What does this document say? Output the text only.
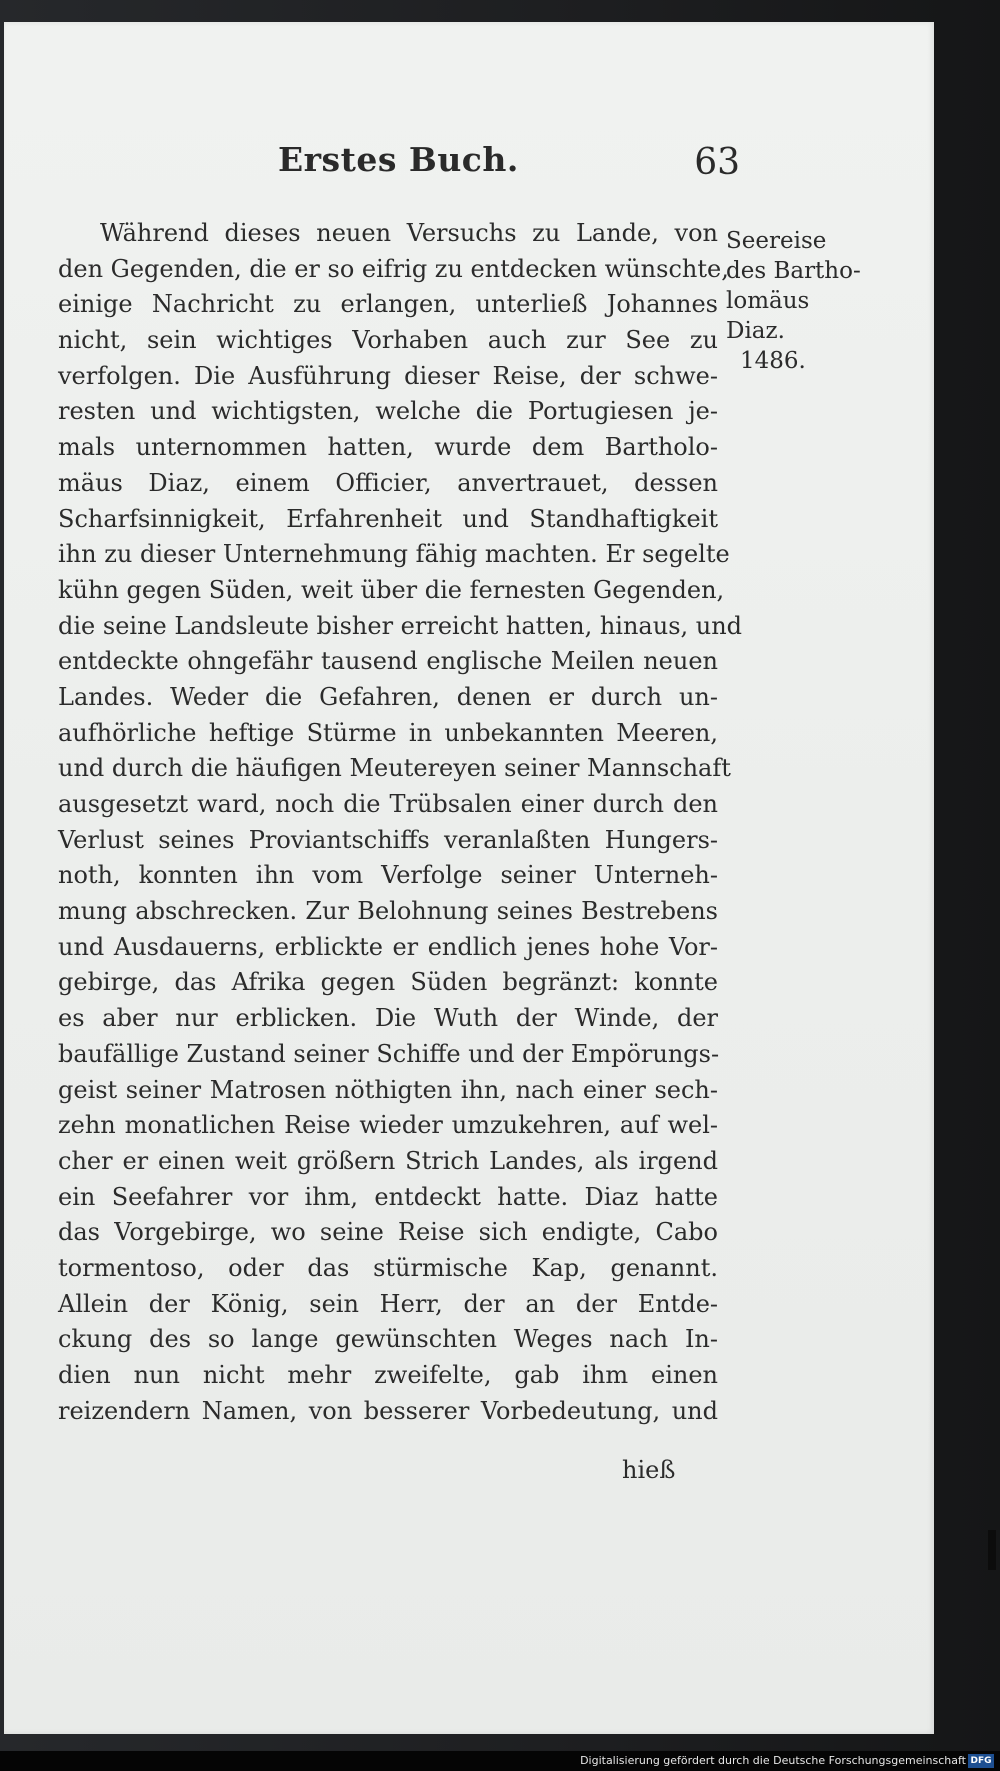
Erstes Buch.	63
Seereise
des Bartho-
lomäus
Diaz.
1486.
Während dieses neuen Versuchs zu Lande, von
den Gegenden, die er so eifrig zu entdecken wünschte,
einige Nachricht zu erlangen, unterließ Johannes
nicht, sein wichtiges Vorhaben auch zur See zu
verfolgen. Die Ausführung dieser Reise, der schwe-
resten und wichtigsten, welche die Portugiesen je-
mals unternommen hatten, wurde dem Bartholo-
mäus Diaz, einem Officier, anvertrauet, dessen
Scharfsinnigkeit, Erfahrenheit und Standhaftigkeit
ihn zu dieser Unternehmung fähig machten. Er segelte
kühn gegen Süden, weit über die fernesten Gegenden,
die seine Landsleute bisher erreicht hatten, hinaus, und
entdeckte ohngefähr tausend englische Meilen neuen
Landes. Weder die Gefahren, denen er durch un-
aufhörliche heftige Stürme in unbekannten Meeren,
und durch die häufigen Meutereyen seiner Mannschaft
ausgesetzt ward, noch die Trübsalen einer durch den
Verlust seines Proviantschiffs veranlaßten Hungers-
noth, konnten ihn vom Verfolge seiner Unterneh-
mung abschrecken. Zur Belohnung seines Bestrebens
und Ausdauerns, erblickte er endlich jenes hohe Vor-
gebirge, das Afrika gegen Süden begränzt: konnte
es aber nur erblicken. Die Wuth der Winde, der
baufällige Zustand seiner Schiffe und der Empörungs-
geist seiner Matrosen nöthigten ihn, nach einer sech-
zehn monatlichen Reise wieder umzukehren, auf wel-
cher er einen weit größern Strich Landes, als irgend
ein Seefahrer vor ihm, entdeckt hatte. Diaz hatte
das Vorgebirge, wo seine Reise sich endigte, Cabo
tormentoso, oder das stürmische Kap, genannt.
Allein der König, sein Herr, der an der Entde-
ckung des so lange gewünschten Weges nach In-
dien nun nicht mehr zweifelte, gab ihm einen
reizendern Namen, von besserer Vorbedeutung, und
hieß
Digitalisierung gefördert durch die Deutsche Forschungsgemeinschaft DFG
